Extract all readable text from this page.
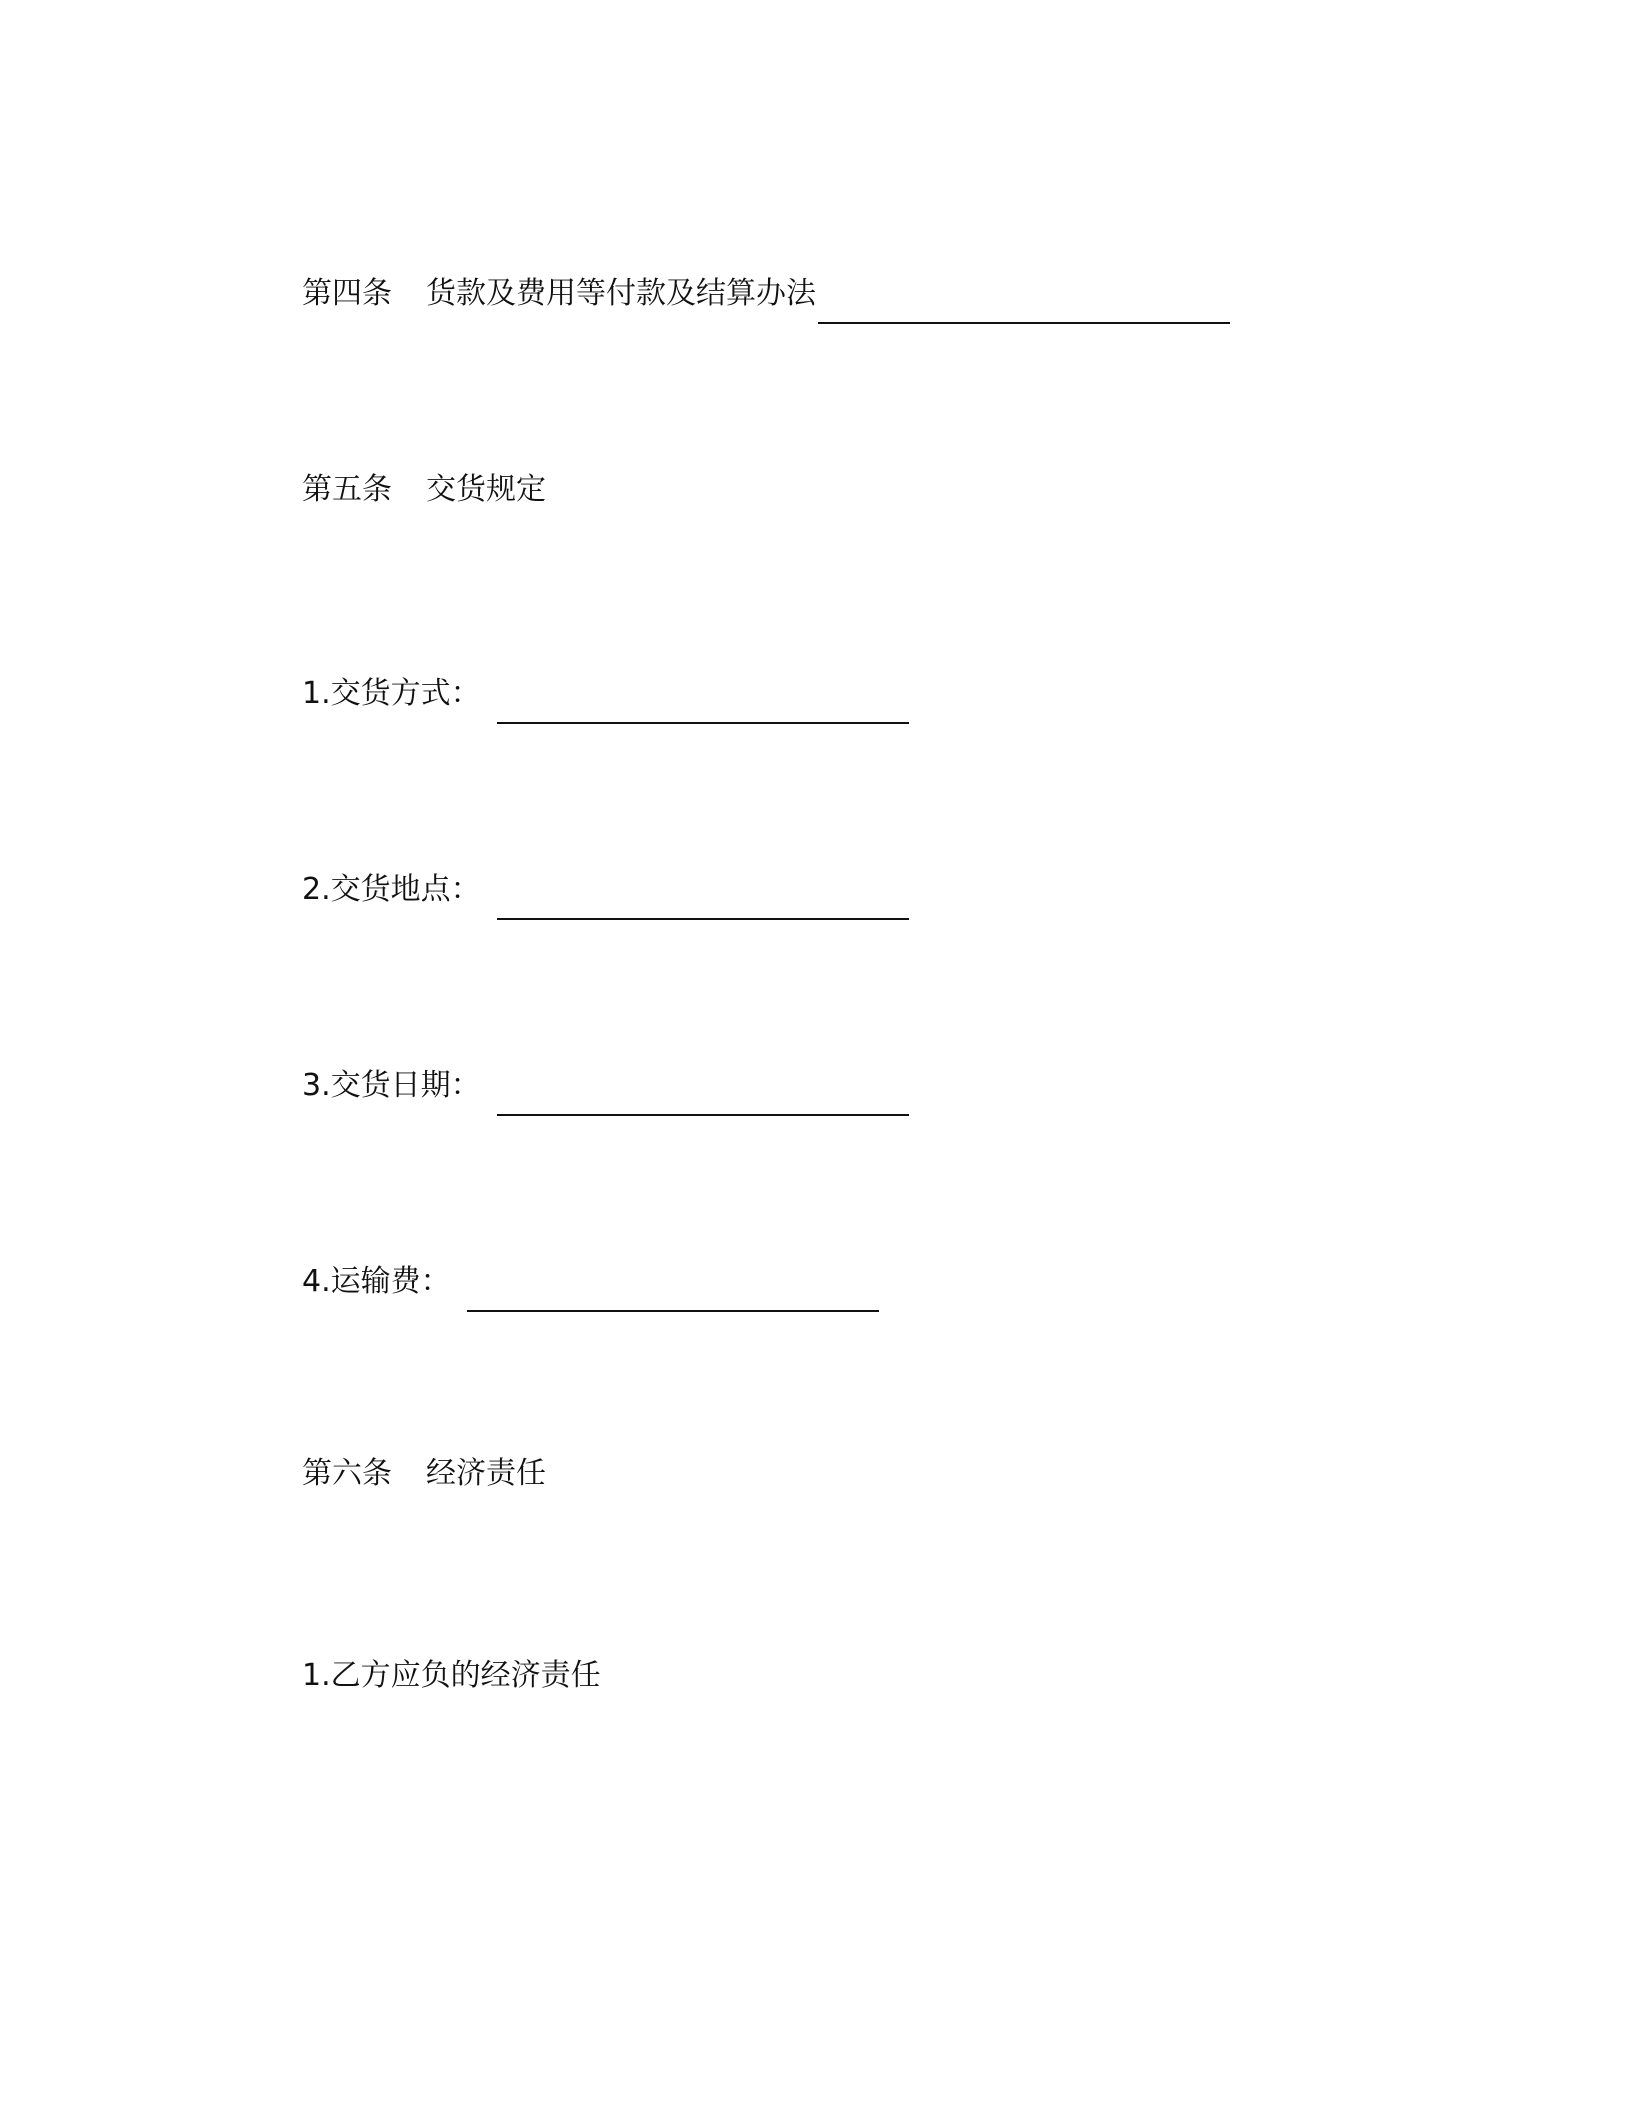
第四条 货款及费用等付款及结算办法
第五条 交货规定
1.交货方式：
2.交货地点：
3.交货日期：
4.运输费：
第六条 经济责任
1.乙方应负的经济责任
